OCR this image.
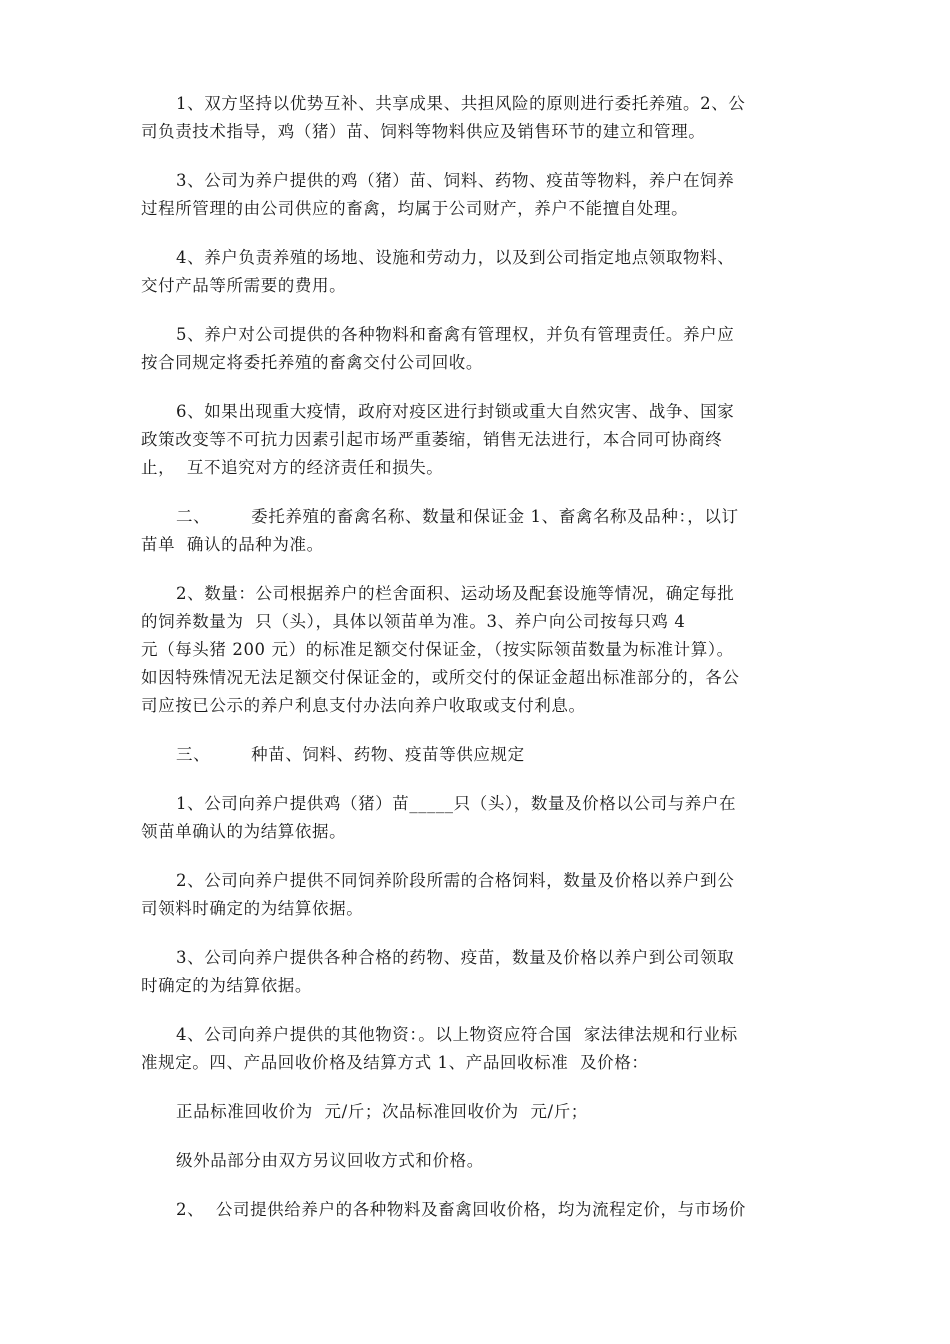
1、双方坚持以优势互补、共享成果、共担风险的原则进行委托养殖。2、公
司负责技术指导，鸡（猪）苗、饲料等物料供应及销售环节的建立和管理。

3、公司为养户提供的鸡（猪）苗、饲料、药物、疫苗等物料，养户在饲养
过程所管理的由公司供应的畜禽，均属于公司财产，养户不能擅自处理。

4、养户负责养殖的场地、设施和劳动力，以及到公司指定地点领取物料、
交付产品等所需要的费用。

5、养户对公司提供的各种物料和畜禽有管理权，并负有管理责任。养户应
按合同规定将委托养殖的畜禽交付公司回收。

6、如果出现重大疫情，政府对疫区进行封锁或重大自然灾害、战争、国家
政策改变等不可抗力因素引起市场严重萎缩，销售无法进行，本合同可协商终
止，  互不追究对方的经济责任和损失。

二、       委托养殖的畜禽名称、数量和保证金 1、畜禽名称及品种：，以订
苗单  确认的品种为准。

2、数量：公司根据养户的栏舍面积、运动场及配套设施等情况，确定每批
的饲养数量为  只（头），具体以领苗单为准。3、养户向公司按每只鸡 4
元（每头猪 200 元）的标准足额交付保证金，（按实际领苗数量为标准计算）。
如因特殊情况无法足额交付保证金的，或所交付的保证金超出标准部分的，各公
司应按已公示的养户利息支付办法向养户收取或支付利息。

三、       种苗、饲料、药物、疫苗等供应规定

1、公司向养户提供鸡（猪）苗_____只（头），数量及价格以公司与养户在
领苗单确认的为结算依据。

2、公司向养户提供不同饲养阶段所需的合格饲料，数量及价格以养户到公
司领料时确定的为结算依据。

3、公司向养户提供各种合格的药物、疫苗，数量及价格以养户到公司领取
时确定的为结算依据。

4、公司向养户提供的其他物资：。以上物资应符合国  家法律法规和行业标
准规定。四、产品回收价格及结算方式 1、产品回收标准  及价格：

正品标准回收价为  元/斤；次品标准回收价为  元/斤；

级外品部分由双方另议回收方式和价格。

2、  公司提供给养户的各种物料及畜禽回收价格，均为流程定价，与市场价
